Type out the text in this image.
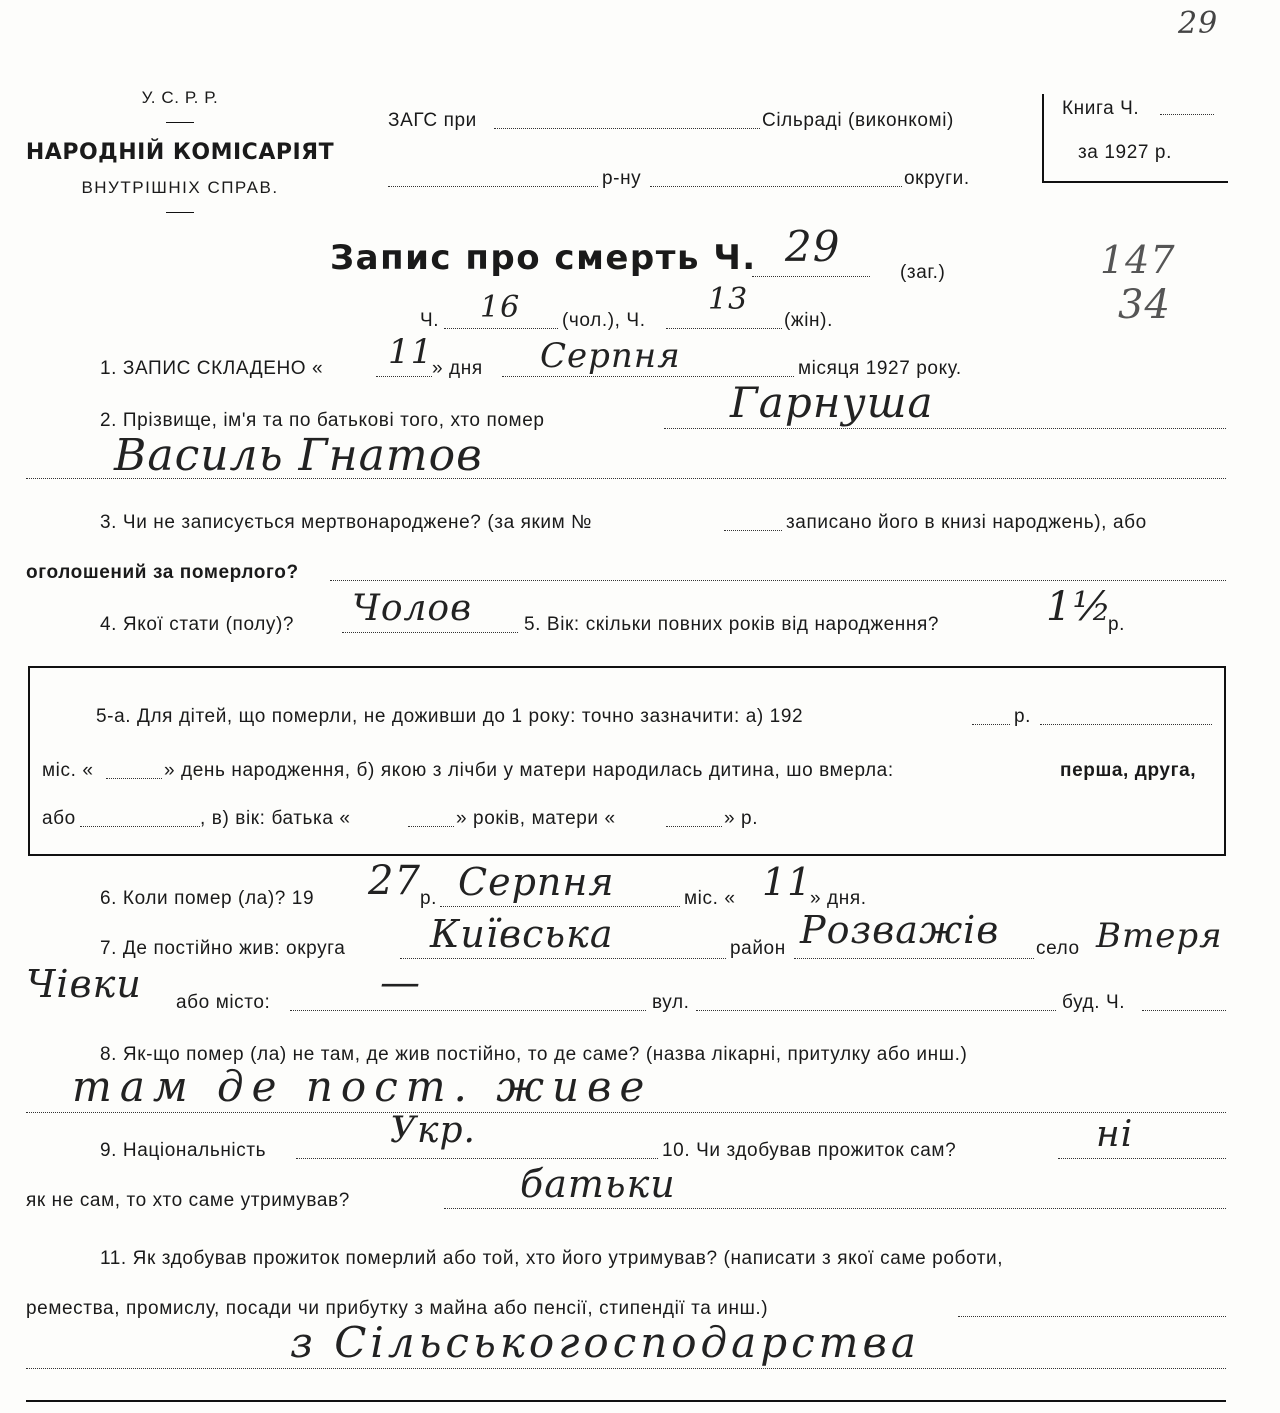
29
У. С. Р. Р.
НАРОДНІЙ КОМІСАРІЯТ
ВНУТРІШНІХ СПРАВ.
ЗАГС при	Сільраді (виконкомі)
р-ну	округи.
Книга Ч.
за 1927 р.
Запис про смерть Ч. 29
(заг.)	147
34
Ч. 16 (чол.), Ч.
13
(жін).
1. ЗАПИС СКЛАДЕНО « 11
» дня Серпня	місяця 1927 року.
2. Прізвище, ім'я та по батькові того, хто помер	Гарнуша
Василь Гнатов
3. Чи не записується мертвонароджене? (за яким №	записано його в книзі народжень), або
оголошений за померлого?
4. Якої стати (полу)? Чолов	5. Вік: скільки повних років від народження?	1½
р.
5-а. Для дітей, що померли, не доживши до 1 року: точно зазначити: а) 192	р.
міс. «	» день народження, б) якою з лічби у матери народилась дитина, шо вмерла:	перша, друга,
або	, в) вік: батька «	» років, матери «	» р.
6. Коли помер (ла)? 19 27 р. Серпня	міс. « 11
» дня.
7. Де постійно жив: округа Київська	район Розважів село Втеря
Чівки або місто:	—	вул.	буд. Ч.
8. Як-що помер (ла) не там, де жив постійно, то де саме? (назва лікарні, притулку або инш.)
там де пост. живе
9. Національність	Укр.	10. Чи здобував прожиток сам?	ні
як не сам, то хто саме утримував?	батьки
11. Як здобував прожиток померлий або той, хто його утримував? (написати з якої саме роботи,
ремества, промислу, посади чи прибутку з майна або пенсії, стипендії та инш.)
з Сільськогосподарства
